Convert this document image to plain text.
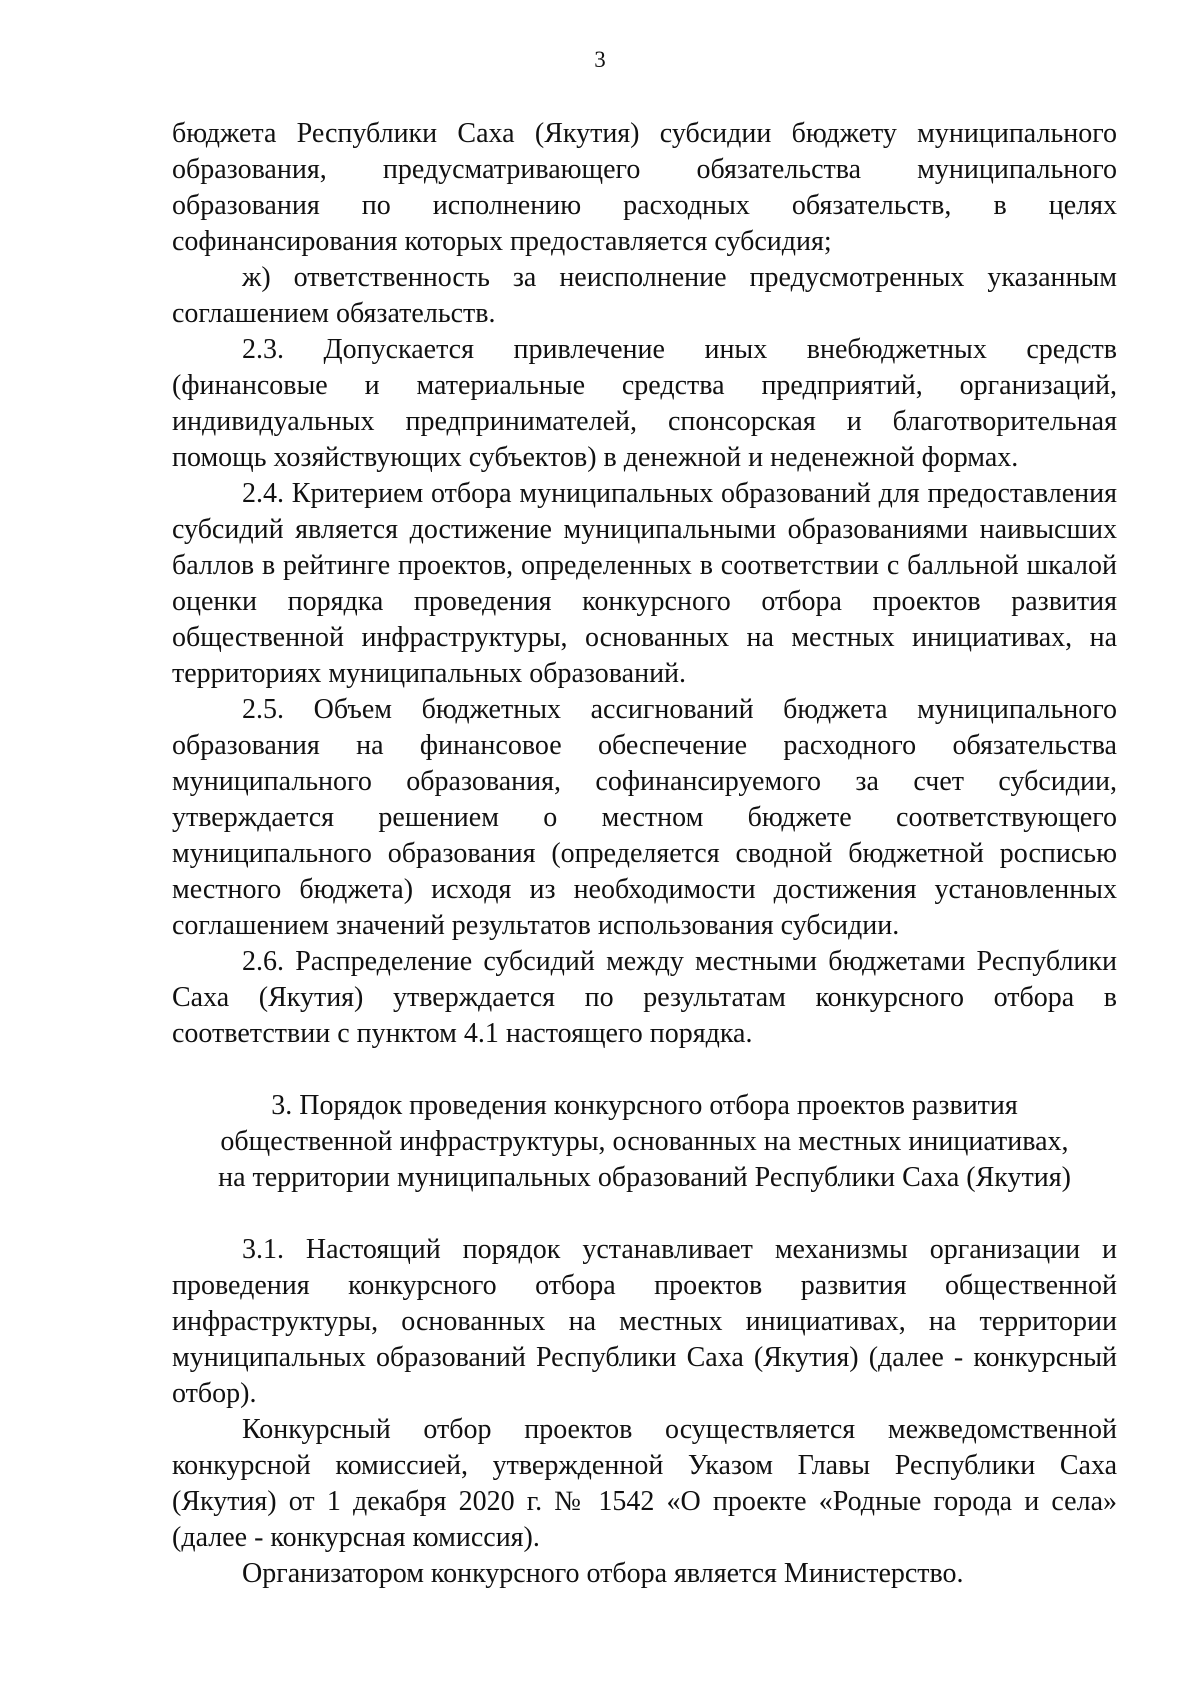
3

бюджета Республики Саха (Якутия) субсидии бюджету муниципального образования, предусматривающего обязательства муниципального образования по исполнению расходных обязательств, в целях софинансирования которых предоставляется субсидия;

ж) ответственность за неисполнение предусмотренных указанным соглашением обязательств.

2.3. Допускается привлечение иных внебюджетных средств (финансовые и материальные средства предприятий, организаций, индивидуальных предпринимателей, спонсорская и благотворительная помощь хозяйствующих субъектов) в денежной и неденежной формах.

2.4. Критерием отбора муниципальных образований для предоставления субсидий является достижение муниципальными образованиями наивысших баллов в рейтинге проектов, определенных в соответствии с балльной шкалой оценки порядка проведения конкурсного отбора проектов развития общественной инфраструктуры, основанных на местных инициативах, на территориях муниципальных образований.

2.5. Объем бюджетных ассигнований бюджета муниципального образования на финансовое обеспечение расходного обязательства муниципального образования, софинансируемого за счет субсидии, утверждается решением о местном бюджете соответствующего муниципального образования (определяется сводной бюджетной росписью местного бюджета) исходя из необходимости достижения установленных соглашением значений результатов использования субсидии.

2.6. Распределение субсидий между местными бюджетами Республики Саха (Якутия) утверждается по результатам конкурсного отбора в соответствии с пунктом 4.1 настоящего порядка.

3. Порядок проведения конкурсного отбора проектов развития
общественной инфраструктуры, основанных на местных инициативах,
на территории муниципальных образований Республики Саха (Якутия)

3.1. Настоящий порядок устанавливает механизмы организации и проведения конкурсного отбора проектов развития общественной инфраструктуры, основанных на местных инициативах, на территории муниципальных образований Республики Саха (Якутия) (далее - конкурсный отбор).

Конкурсный отбор проектов осуществляется межведомственной конкурсной комиссией, утвержденной Указом Главы Республики Саха (Якутия) от 1 декабря 2020 г. № 1542 «О проекте «Родные города и села» (далее - конкурсная комиссия).

Организатором конкурсного отбора является Министерство.
